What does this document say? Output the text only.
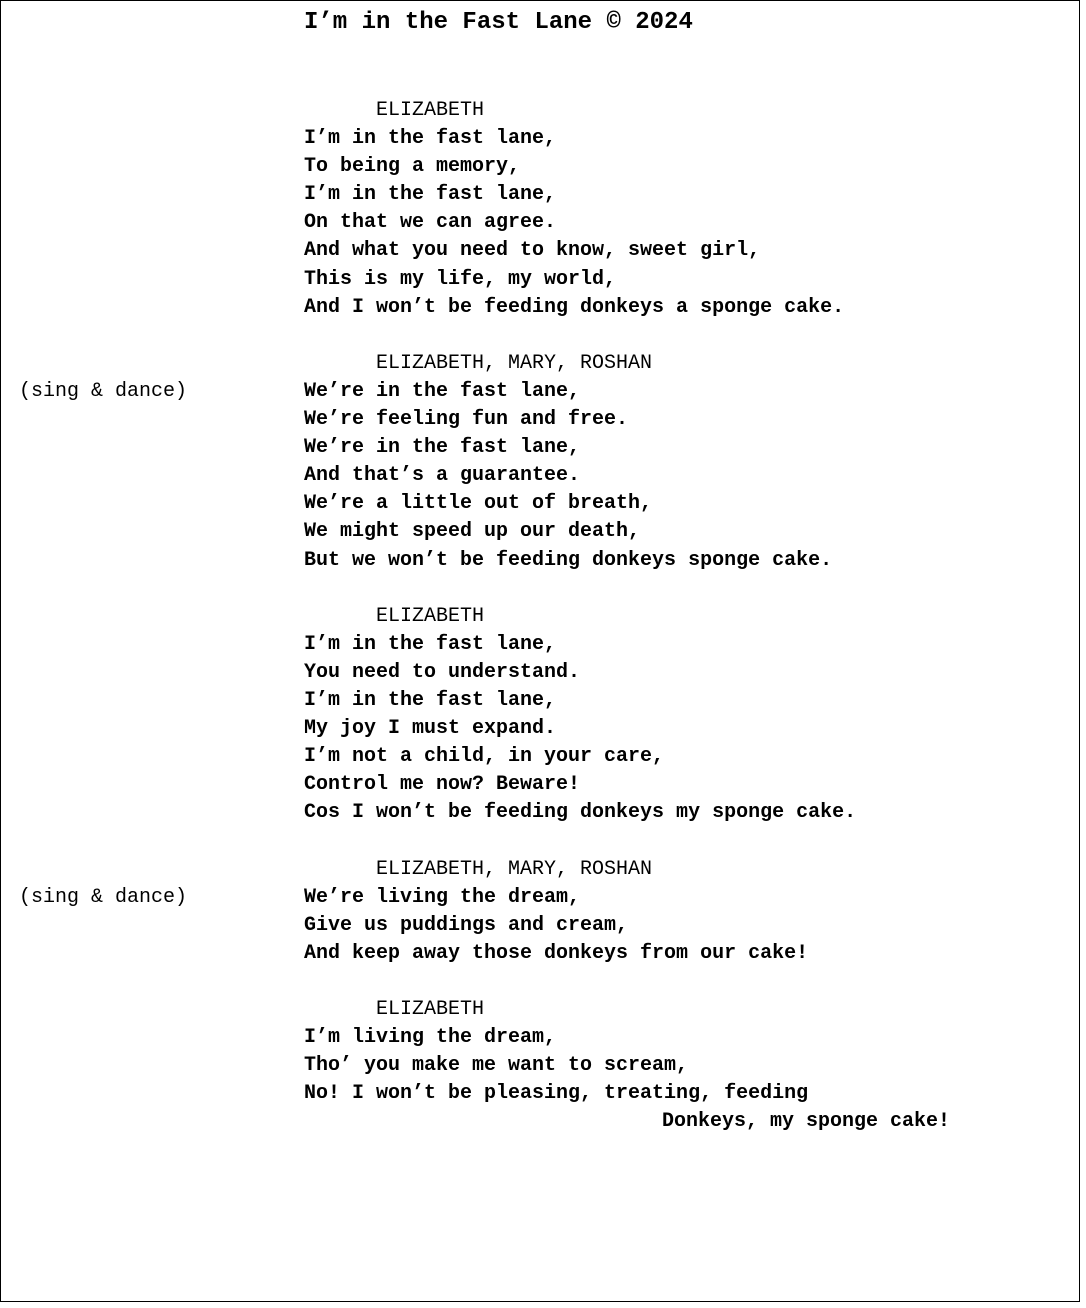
I’m in the Fast Lane © 2024
ELIZABETH
I’m in the fast lane,
To being a memory,
I’m in the fast lane,
On that we can agree.
And what you need to know, sweet girl,
This is my life, my world,
And I won’t be feeding donkeys a sponge cake.
ELIZABETH, MARY, ROSHAN
(sing & dance)	We’re in the fast lane,
We’re feeling fun and free.
We’re in the fast lane,
And that’s a guarantee.
We’re a little out of breath,
We might speed up our death,
But we won’t be feeding donkeys sponge cake.
ELIZABETH
I’m in the fast lane,
You need to understand.
I’m in the fast lane,
My joy I must expand.
I’m not a child, in your care,
Control me now? Beware!
Cos I won’t be feeding donkeys my sponge cake.
ELIZABETH, MARY, ROSHAN
(sing & dance)	We’re living the dream,
Give us puddings and cream,
And keep away those donkeys from our cake!
ELIZABETH
I’m living the dream,
Tho’ you make me want to scream,
No! I won’t be pleasing, treating, feeding
Donkeys, my sponge cake!
